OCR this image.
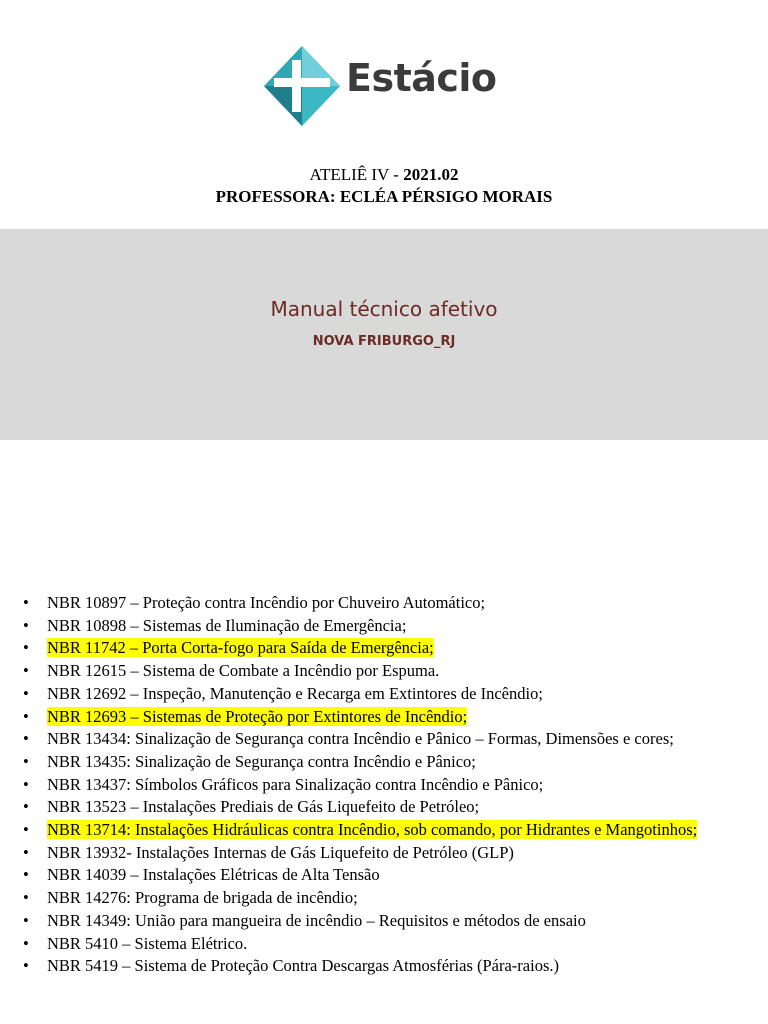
Estácio
ATELIÊ IV - 2021.02
PROFESSORA: ECLÉA PÉRSIGO MORAIS
Manual técnico afetivo
NOVA FRIBURGO_RJ
• NBR 10897 – Proteção contra Incêndio por Chuveiro Automático;
• NBR 10898 – Sistemas de Iluminação de Emergência;
• NBR 11742 – Porta Corta-fogo para Saída de Emergência;
• NBR 12615 – Sistema de Combate a Incêndio por Espuma.
• NBR 12692 – Inspeção, Manutenção e Recarga em Extintores de Incêndio;
• NBR 12693 – Sistemas de Proteção por Extintores de Incêndio;
• NBR 13434: Sinalização de Segurança contra Incêndio e Pânico – Formas, Dimensões e cores;
• NBR 13435: Sinalização de Segurança contra Incêndio e Pânico;
• NBR 13437: Símbolos Gráficos para Sinalização contra Incêndio e Pânico;
• NBR 13523 – Instalações Prediais de Gás Liquefeito de Petróleo;
• NBR 13714: Instalações Hidráulicas contra Incêndio, sob comando, por Hidrantes e Mangotinhos;
• NBR 13932- Instalações Internas de Gás Liquefeito de Petróleo (GLP)
• NBR 14039 – Instalações Elétricas de Alta Tensão
• NBR 14276: Programa de brigada de incêndio;
• NBR 14349: União para mangueira de incêndio – Requisitos e métodos de ensaio
• NBR 5410 – Sistema Elétrico.
• NBR 5419 – Sistema de Proteção Contra Descargas Atmosférias (Pára-raios.)
